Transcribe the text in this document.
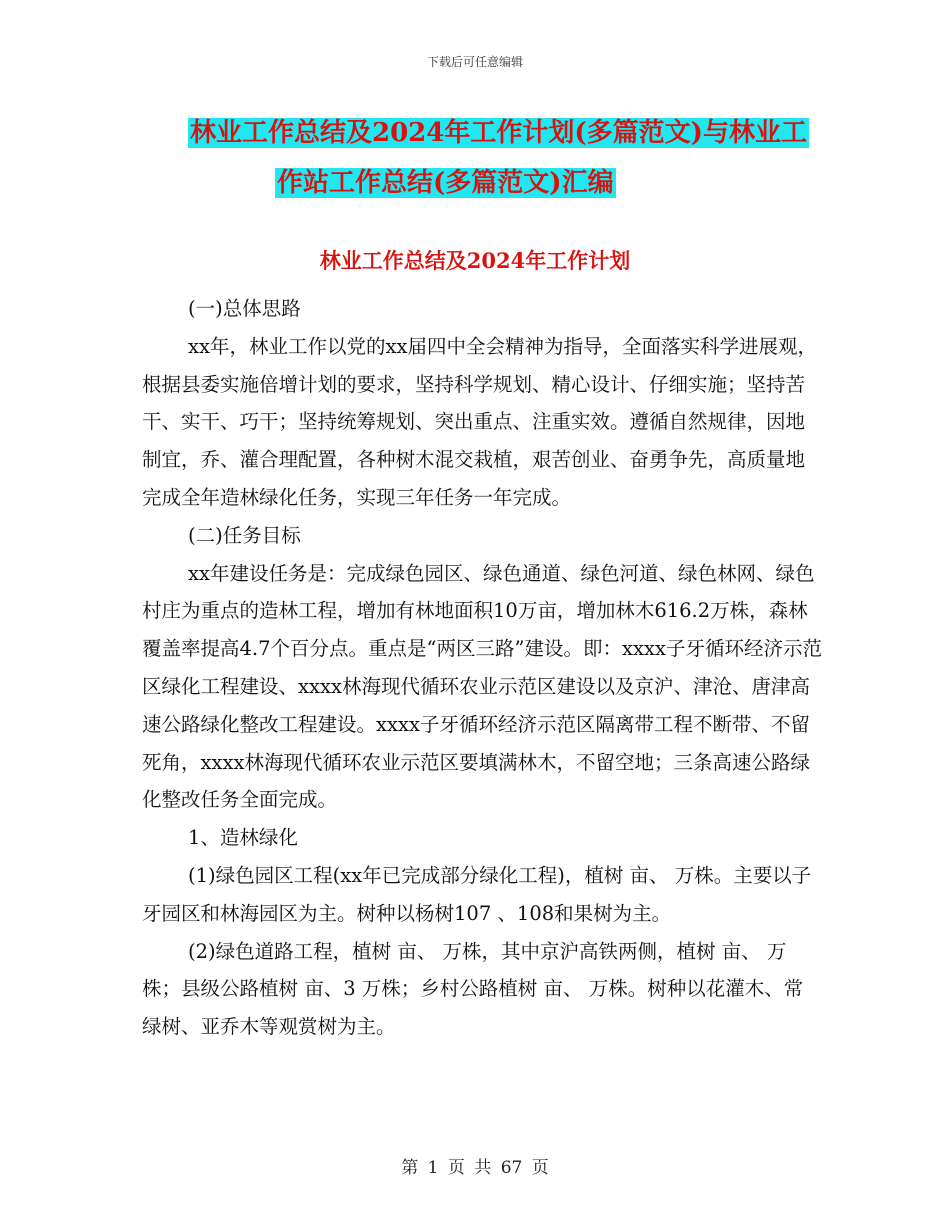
下载后可任意编辑
林业工作总结及2024年工作计划(多篇范文)与林业工
作站工作总结(多篇范文)汇编
林业工作总结及2024年工作计划

(一)总体思路

xx年，林业工作以党的xx届四中全会精神为指导，全面落实科学进展观，根据县委实施倍增计划的要求，坚持科学规划、精心设计、仔细实施；坚持苦干、实干、巧干；坚持统筹规划、突出重点、注重实效。遵循自然规律，因地制宜，乔、灌合理配置，各种树木混交栽植，艰苦创业、奋勇争先，高质量地完成全年造林绿化任务，实现三年任务一年完成。

(二)任务目标

xx年建设任务是：完成绿色园区、绿色通道、绿色河道、绿色林网、绿色村庄为重点的造林工程，增加有林地面积10万亩，增加林木616.2万株，森林覆盖率提高4.7个百分点。重点是“两区三路”建设。即：xxxx子牙循环经济示范区绿化工程建设、xxxx林海现代循环农业示范区建设以及京沪、津沧、唐津高速公路绿化整改工程建设。xxxx子牙循环经济示范区隔离带工程不断带、不留死角，xxxx林海现代循环农业示范区要填满林木，不留空地；三条高速公路绿化整改任务全面完成。

1、造林绿化

(1)绿色园区工程(xx年已完成部分绿化工程)，植树 亩、 万株。主要以子牙园区和林海园区为主。树种以杨树107 、108和果树为主。

(2)绿色道路工程，植树 亩、 万株，其中京沪高铁两侧，植树 亩、 万株；县级公路植树 亩、3 万株；乡村公路植树 亩、 万株。树种以花灌木、常绿树、亚乔木等观赏树为主。

第 1 页 共 67 页
